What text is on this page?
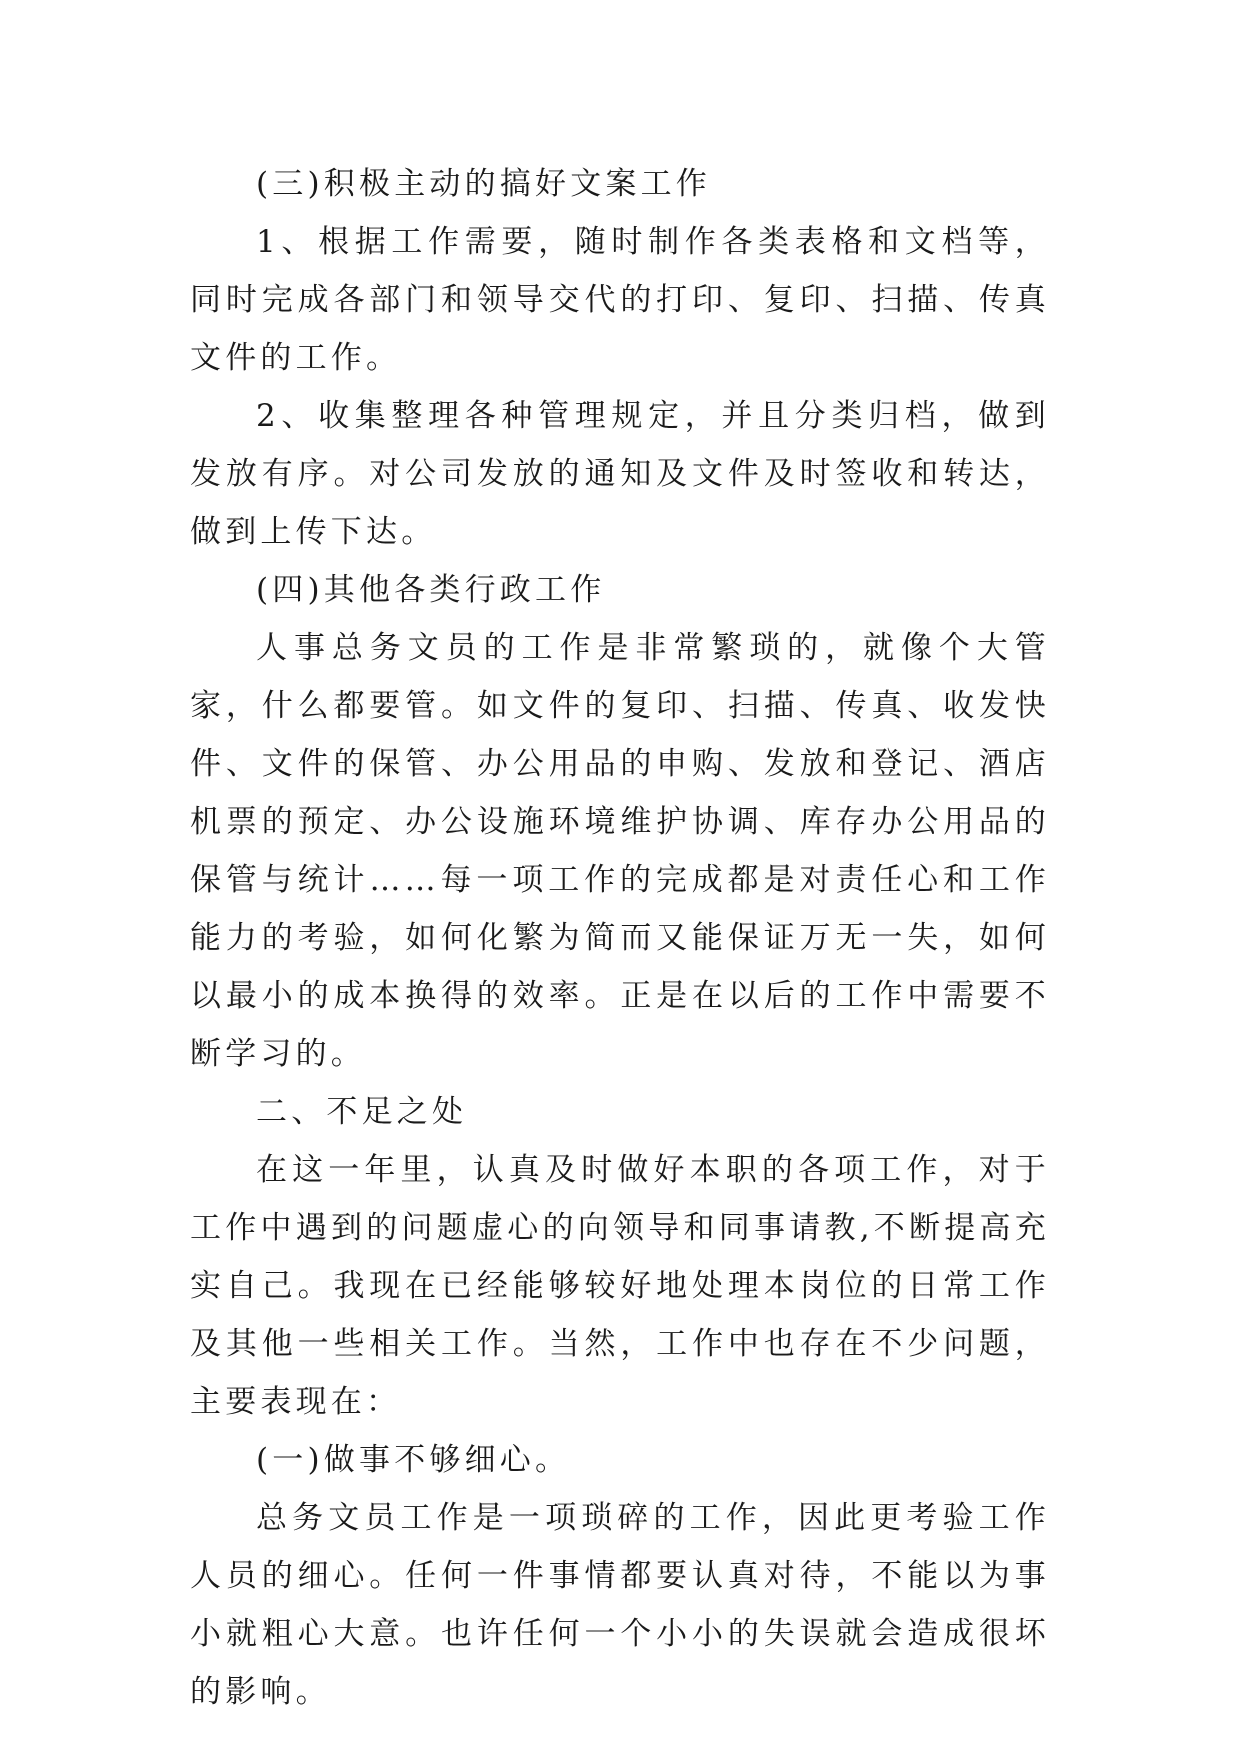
(三)积极主动的搞好文案工作

1、根据工作需要，随时制作各类表格和文档等，同时完成各部门和领导交代的打印、复印、扫描、传真文件的工作。

2、收集整理各种管理规定，并且分类归档，做到发放有序。对公司发放的通知及文件及时签收和转达，做到上传下达。

(四)其他各类行政工作

人事总务文员的工作是非常繁琐的，就像个大管家，什么都要管。如文件的复印、扫描、传真、收发快件、文件的保管、办公用品的申购、发放和登记、酒店机票的预定、办公设施环境维护协调、库存办公用品的保管与统计……每一项工作的完成都是对责任心和工作能力的考验，如何化繁为简而又能保证万无一失，如何以最小的成本换得的效率。正是在以后的工作中需要不断学习的。

二、不足之处

在这一年里，认真及时做好本职的各项工作，对于工作中遇到的问题虚心的向领导和同事请教,不断提高充实自己。我现在已经能够较好地处理本岗位的日常工作及其他一些相关工作。当然，工作中也存在不少问题，主要表现在：

(一)做事不够细心。

总务文员工作是一项琐碎的工作，因此更考验工作人员的细心。任何一件事情都要认真对待，不能以为事小就粗心大意。也许任何一个小小的失误就会造成很坏的影响。
